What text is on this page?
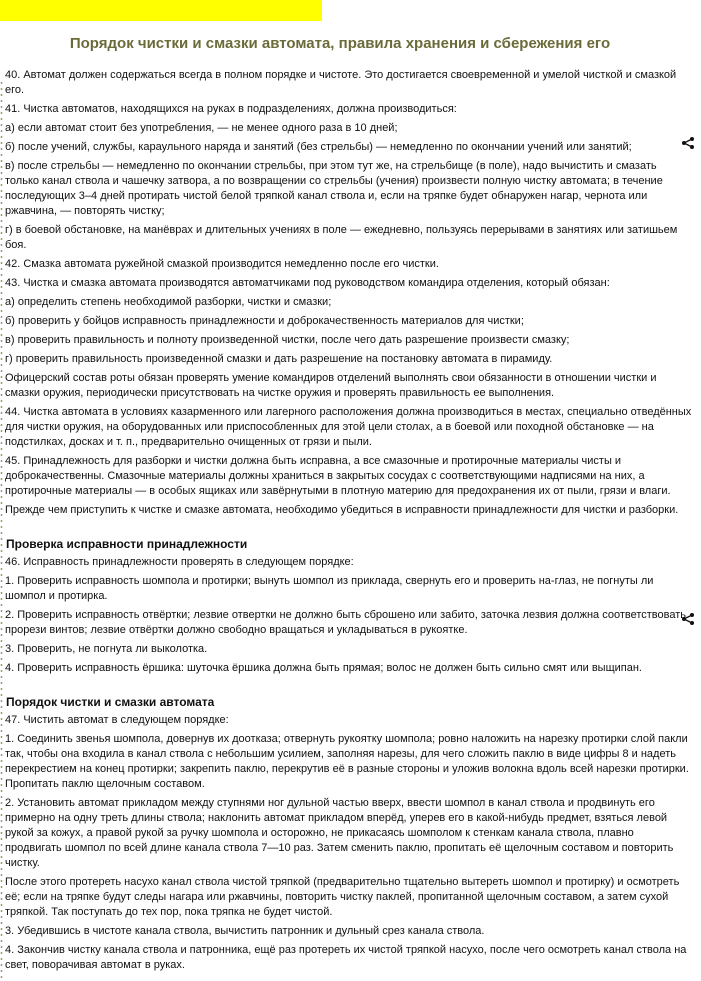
Порядок чистки и смазки автомата, правила хранения и сбережения его

40. Автомат должен содержаться всегда в полном порядке и чистоте. Это достигается своевременной и умелой чисткой и смазкой его.

41. Чистка автоматов, находящихся на руках в подразделениях, должна производиться:

а) если автомат стоит без употребления, — не менее одного раза в 10 дней;

б) после учений, службы, караульного наряда и занятий (без стрельбы) — немедленно по окончании учений или занятий;

в) после стрельбы — немедленно по окончании стрельбы, при этом тут же, на стрельбище (в поле), надо вычистить и смазать только канал ствола и чашечку затвора, а по возвращении со стрельбы (учения) произвести полную чистку автомата; в течение последующих 3–4 дней протирать чистой белой тряпкой канал ствола и, если на тряпке будет обнаружен нагар, чернота или ржавчина, — повторять чистку;

г) в боевой обстановке, на манёврах и длительных учениях в поле — ежедневно, пользуясь перерывами в занятиях или затишьем боя.

42. Смазка автомата ружейной смазкой производится немедленно после его чистки.

43. Чистка и смазка автомата производятся автоматчиками под руководством командира отделения, который обязан:

а) определить степень необходимой разборки, чистки и смазки;

б) проверить у бойцов исправность принадлежности и доброкачественность материалов для чистки;

в) проверить правильность и полноту произведенной чистки, после чего дать разрешение произвести смазку;

г) проверить правильность произведенной смазки и дать разрешение на постановку автомата в пирамиду.

Офицерский состав роты обязан проверять умение командиров отделений выполнять свои обязанности в отношении чистки и смазки оружия, периодически присутствовать на чистке оружия и проверять правильность ее выполнения.

44. Чистка автомата в условиях казарменного или лагерного расположения должна производиться в местах, специально отведённых для чистки оружия, на оборудованных или приспособленных для этой цели столах, а в боевой или походной обстановке — на подстилках, досках и т. п., предварительно очищенных от грязи и пыли.

45. Принадлежность для разборки и чистки должна быть исправна, а все смазочные и протирочные материалы чисты и доброкачественны. Смазочные материалы должны храниться в закрытых сосудах с соответствующими надписями на них, а протирочные материалы — в особых ящиках или завёрнутыми в плотную материю для предохранения их от пыли, грязи и влаги.

Прежде чем приступить к чистке и смазке автомата, необходимо убедиться в исправности принадлежности для чистки и разборки.

Проверка исправности принадлежности

46. Исправность принадлежности проверять в следующем порядке:

1. Проверить исправность шомпола и протирки; вынуть шомпол из приклада, свернуть его и проверить на-глаз, не погнуты ли шомпол и протирка.

2. Проверить исправность отвёртки; лезвие отвертки не должно быть сброшено или забито, заточка лезвия должна соответствовать прорези винтов; лезвие отвёртки должно свободно вращаться и укладываться в рукоятке.

3. Проверить, не погнута ли выколотка.

4. Проверить исправность ёршика: шуточка ёршика должна быть прямая; волос не должен быть сильно смят или выщипан.

Порядок чистки и смазки автомата

47. Чистить автомат в следующем порядке:

1. Соединить звенья шомпола, довернув их доотказа; отвернуть рукоятку шомпола; ровно наложить на нарезку протирки слой пакли так, чтобы она входила в канал ствола с небольшим усилием, заполняя нарезы, для чего сложить паклю в виде цифры 8 и надеть перекрестием на конец протирки; закрепить паклю, перекрутив её в разные стороны и уложив волокна вдоль всей нарезки протирки. Пропитать паклю щелочным составом.

2. Установить автомат прикладом между ступнями ног дульной частью вверх, ввести шомпол в канал ствола и продвинуть его примерно на одну треть длины ствола; наклонить автомат прикладом вперёд, уперев его в какой-нибудь предмет, взяться левой рукой за кожух, а правой рукой за ручку шомпола и осторожно, не прикасаясь шомполом к стенкам канала ствола, плавно продвигать шомпол по всей длине канала ствола 7—10 раз. Затем сменить паклю, пропитать её щелочным составом и повторить чистку.

После этого протереть насухо канал ствола чистой тряпкой (предварительно тщательно вытереть шомпол и протирку) и осмотреть её; если на тряпке будут следы нагара или ржавчины, повторить чистку паклей, пропитанной щелочным составом, а затем сухой тряпкой. Так поступать до тех пор, пока тряпка не будет чистой.

3. Убедившись в чистоте канала ствола, вычистить патронник и дульный срез канала ствола.

4. Закончив чистку канала ствола и патронника, ещё раз протереть их чистой тряпкой насухо, после чего осмотреть канал ствола на свет, поворачивая автомат в руках.
